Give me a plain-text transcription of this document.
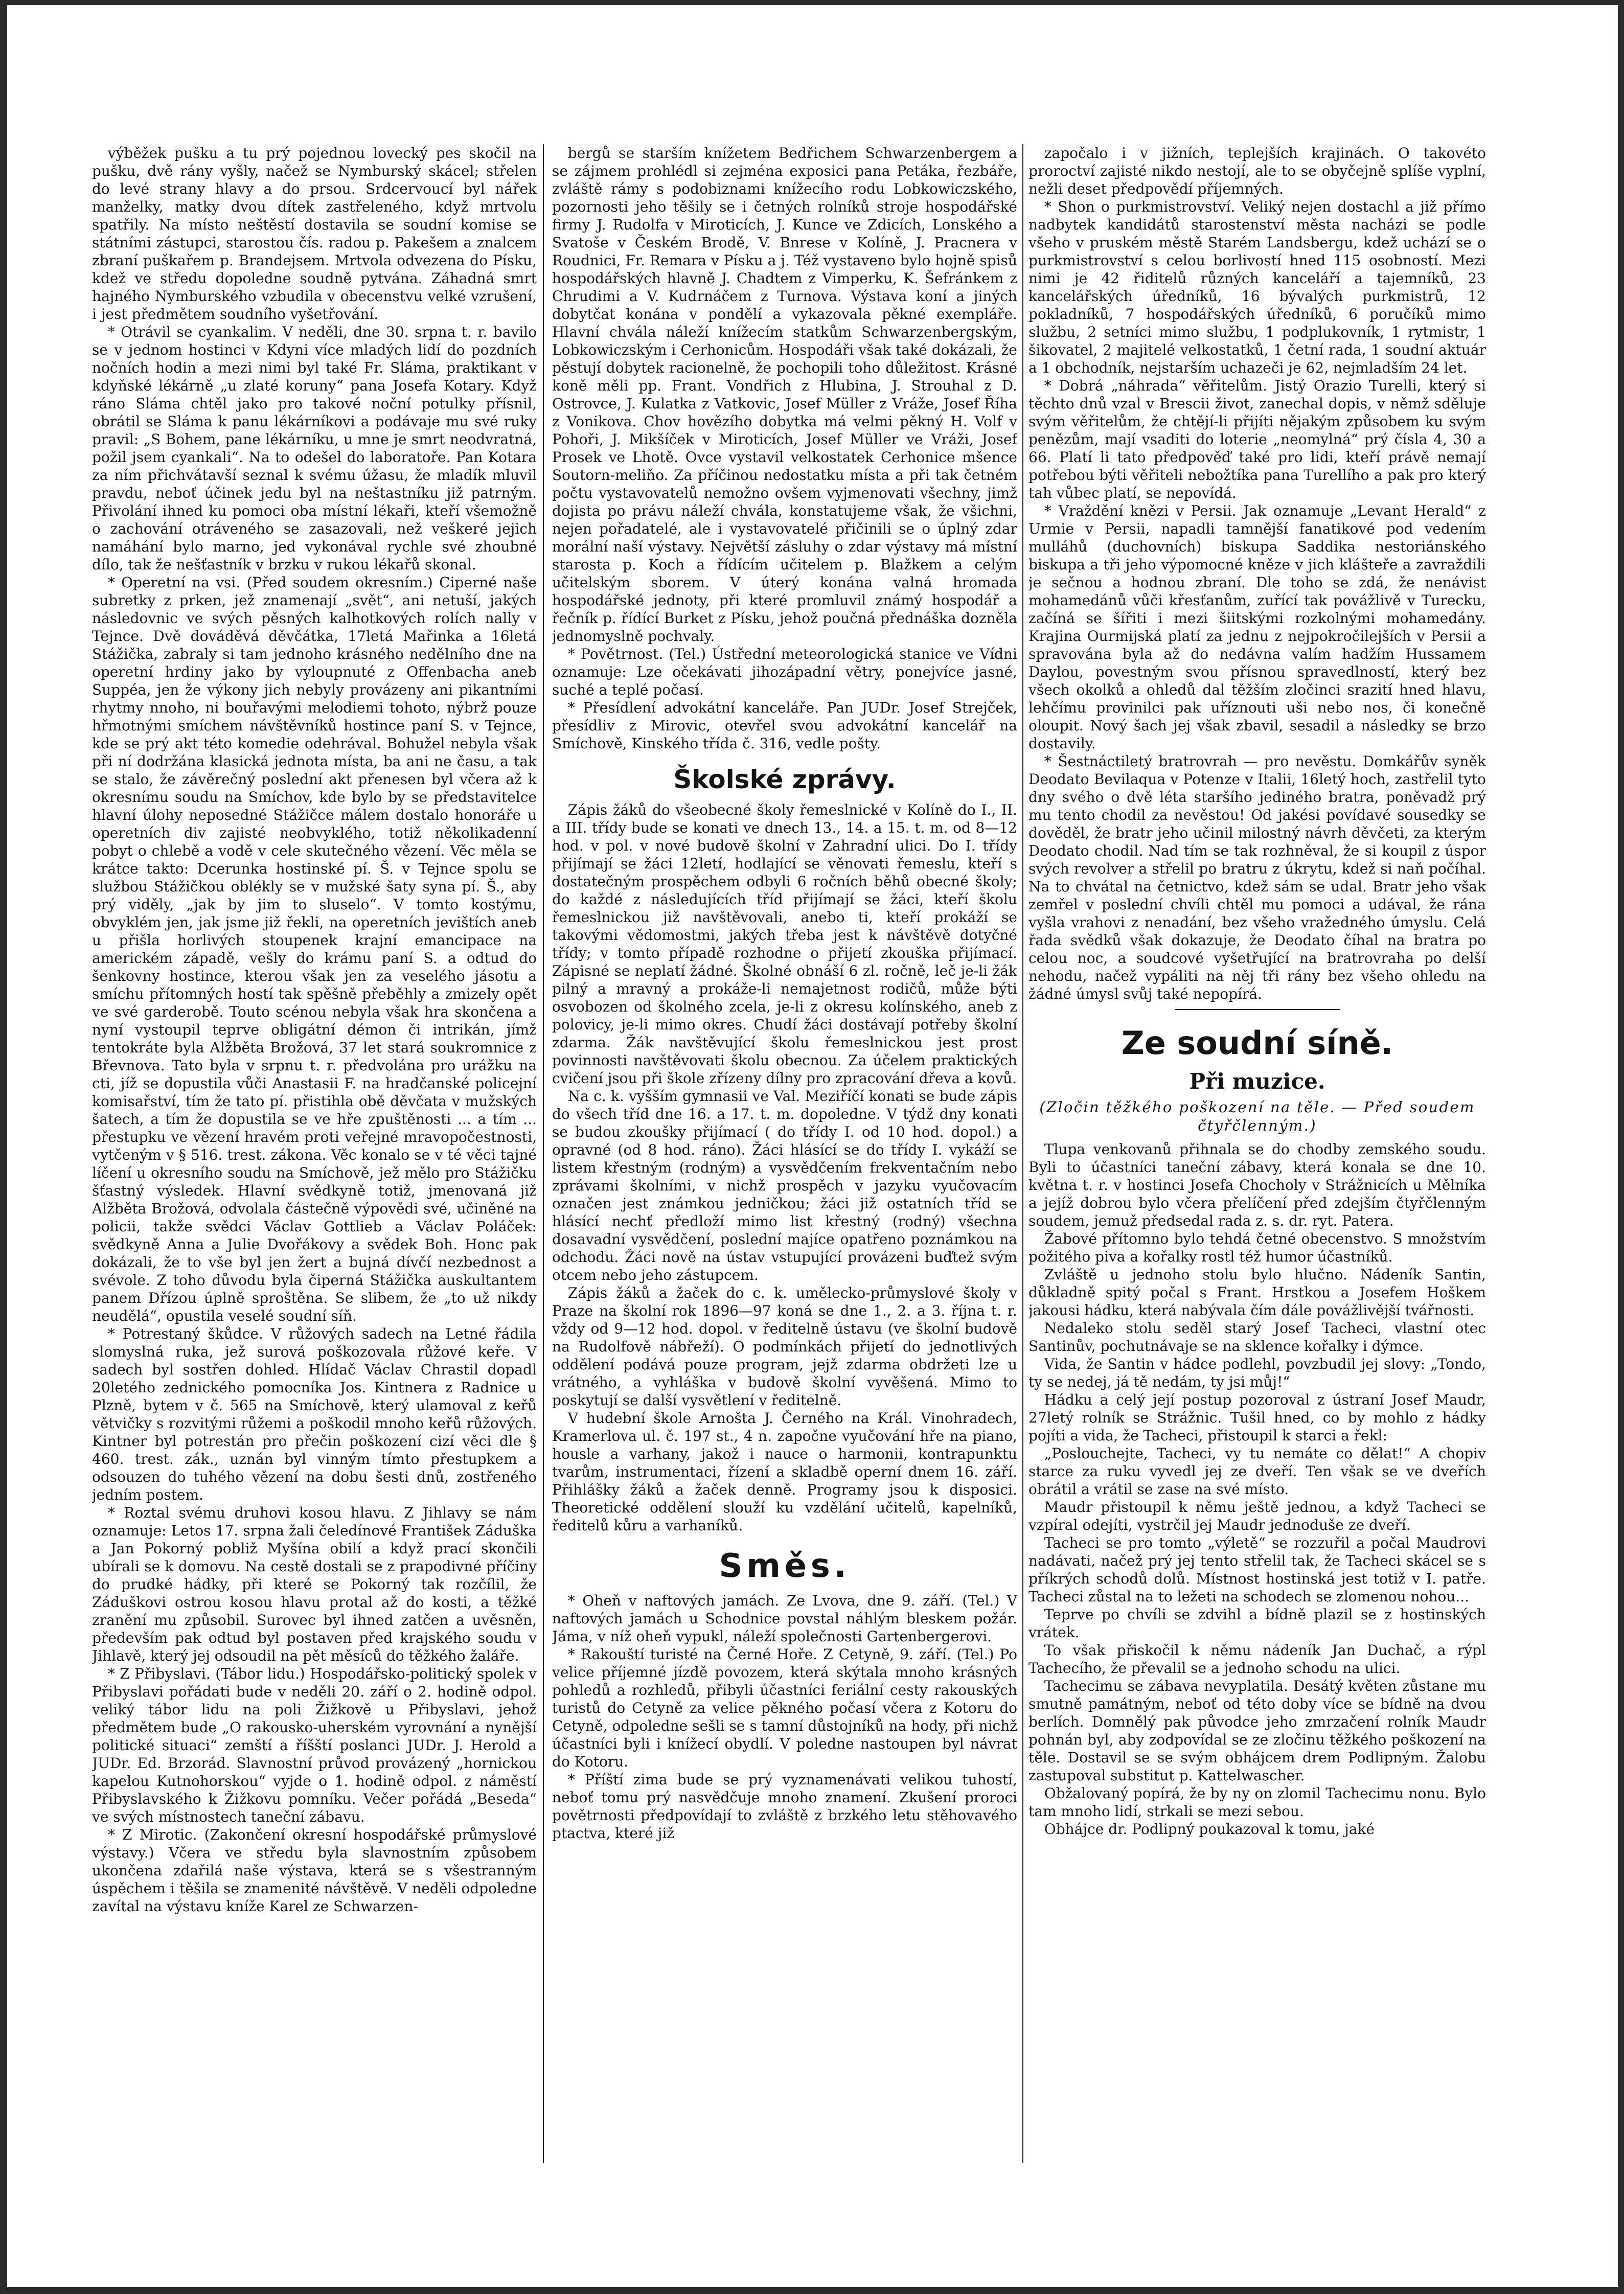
výběžek pušku a tu prý pojednou lovecký pes skočil na pušku, dvě rány vyšly, načež se Nymburský skácel; střelen do levé strany hlavy a do prsou. Srdcervoucí byl nářek manželky, matky dvou dítek zastřeleného, když mrtvolu spatřily. Na místo neštěstí dostavila se soudní komise se státními zástupci, starostou čís. radou p. Pakešem a znalcem zbraní puškařem p. Brandejsem. Mrtvola odvezena do Písku, kdež ve středu dopoledne soudně pytvána. Záhadná smrt hajného Nymburského vzbudila v obecenstvu velké vzrušení, i jest předmětem soudního vyšetřování.

* Otrávil se cyankalim. V neděli, dne 30. srpna t. r. bavilo se v jednom hostinci v Kdyni více mladých lidí do pozdních nočních hodin a mezi nimi byl také Fr. Sláma, praktikant v kdyňské lékárně „u zlaté koruny“ pana Josefa Kotary. Když ráno Sláma chtěl jako pro takové noční potulky přísnil, obrátil se Sláma k panu lékárníkovi a podávaje mu své ruky pravil: „S Bohem, pane lékárníku, u mne je smrt neodvratná, požil jsem cyankali“. Na to odešel do laboratoře. Pan Kotara za ním přichvátavší seznal k svému úžasu, že mladík mluvil pravdu, neboť účinek jedu byl na neštastníku již patrným. Přivolání ihned ku pomoci oba místní lékaři, kteří všemožně o zachování otráveného se zasazovali, než veškeré jejich namáhání bylo marno, jed vykonával rychle své zhoubné dílo, tak že nešťastník v brzku v rukou lékařů skonal.

* Operetní na vsi. (Před soudem okresním.) Ciperné naše subretky z prken, jež znamenají „svět“, ani netuší, jakých následovnic ve svých pěsných kalhotkových rolích nally v Tejnce. Dvě dováděvá děvčátka, 17letá Mařinka a 16letá Stážička, zabraly si tam jednoho krásného nedělního dne na operetní hrdiny jako by vyloupnuté z Offenbacha aneb Suppéa, jen že výkony jich nebyly provázeny ani pikantními rhytmy nnoho, ni bouřavými melodiemi tohoto, nýbrž pouze hřmotnými smíchem návštěvníků hostince paní S. v Tejnce, kde se prý akt této komedie odehrával. Bohužel nebyla však při ní dodržána klasická jednota místa, ba ani ne času, a tak se stalo, že závěrečný poslední akt přenesen byl včera až k okresnímu soudu na Smíchov, kde bylo by se představitelce hlavní úlohy neposedné Stážičce málem dostalo honoráře u operetních div zajisté neobvyklého, totiž několikadenní pobyt o chlebě a vodě v cele skutečného vězení. Věc měla se krátce takto: Dcerunka hostinské pí. Š. v Tejnce spolu se službou Stážičkou oblékly se v mužské šaty syna pí. Š., aby prý viděly, „jak by jim to sluselo“. V tomto kostýmu, obvyklém jen, jak jsme již řekli, na operetních jevištích aneb u přišla horlivých stoupenek krajní emancipace na americkém západě, vešly do krámu paní S. a odtud do šenkovny hostince, kterou však jen za veselého jásotu a smíchu přítomných hostí tak spěšně přeběhly a zmizely opět ve své garderobě. Touto scénou nebyla však hra skončena a nyní vystoupil teprve obligátní démon či intrikán, jímž tentokráte byla Alžběta Brožová, 37 let stará soukromnice z Břevnova. Tato byla v srpnu t. r. předvolána pro urážku na cti, jíž se dopustila vůči Anastasii F. na hradčanské policejní komisařství, tím že tato pí. přistihla obě děvčata v mužských šatech, a tím že dopustila se ve hře zpuštěnosti ... a tím ... přestupku ve vězení hravém proti veřejné mravopočestnosti, vytčeným v § 516. trest. zákona. Věc konalo se v té věci tajné líčení u okresního soudu na Smíchově, jež mělo pro Stážičku šťastný výsledek. Hlavní svědkyně totiž, jmenovaná již Alžběta Brožová, odvolala částečně výpovědi své, učiněné na policii, takže svědci Václav Gottlieb a Václav Poláček: svědkyně Anna a Julie Dvořákovy a svědek Boh. Honc pak dokázali, že to vše byl jen žert a bujná dívčí nezbednost a svévole. Z toho důvodu byla čiperná Stážička auskultantem panem Dřízou úplně sproštěna. Se slibem, že „to už nikdy neudělá“, opustila veselé soudní síň.

* Potrestaný škůdce. V růžových sadech na Letné řádila slomyslná ruka, jež surová poškozovala růžové keře. V sadech byl sostřen dohled. Hlídač Václav Chrastil dopadl 20letého zednického pomocníka Jos. Kintnera z Radnice u Plzně, bytem v č. 565 na Smíchově, který ulamoval z keřů větvičky s rozvitými růžemi a poškodil mnoho keřů růžových. Kintner byl potrestán pro přečin poškození cizí věci dle § 460. trest. zák., uznán byl vinným tímto přestupkem a odsouzen do tuhého vězení na dobu šesti dnů, zostřeného jedním postem.

* Roztal svému druhovi kosou hlavu. Z Jihlavy se nám oznamuje: Letos 17. srpna žali čeledínové František Záduška a Jan Pokorný pobliž Myšína obilí a když prací skončili ubírali se k domovu. Na cestě dostali se z prapodivné příčiny do prudké hádky, při které se Pokorný tak rozčílil, že Záduškovi ostrou kosou hlavu protal až do kosti, a těžké zranění mu způsobil. Surovec byl ihned zatčen a uvěsněn, především pak odtud byl postaven před krajského soudu v Jihlavě, který jej odsoudil na pět měsíců do těžkého žaláře.

* Z Přibyslavi. (Tábor lidu.) Hospodářsko-politický spolek v Přibyslavi pořádati bude v neděli 20. září o 2. hodině odpol. veliký tábor lidu na poli Žižkově u Přibyslavi, jehož předmětem bude „O rakousko-uherském vyrovnání a nynější politické situaci“ zemští a říšští poslanci JUDr. J. Herold a JUDr. Ed. Brzorád. Slavnostní průvod provázený „hornickou kapelou Kutnohorskou“ vyjde o 1. hodině odpol. z náměstí Přibyslavského k Žižkovu pomníku. Večer pořádá „Beseda“ ve svých místnostech taneční zábavu.

* Z Mirotic. (Zakončení okresní hospodářské průmyslové výstavy.) Včera ve středu byla slavnostním způsobem ukončena zdařilá naše výstava, která se s všestranným úspěchem i těšila se znamenité návštěvě. V neděli odpoledne zavítal na výstavu kníže Karel ze Schwarzen-

bergů se starším knížetem Bedřichem Schwarzenbergem a se zájmem prohlédl si zejména exposici pana Petáka, řezbáře, zvláště rámy s podobiznami knížecího rodu Lobkowiczského, pozornosti jeho těšily se i četných rolníků stroje hospodářské firmy J. Rudolfa v Miroticích, J. Kunce ve Zdicích, Lonského a Svatoše v Českém Brodě, V. Bnrese v Kolíně, J. Pracnera v Roudnici, Fr. Remara v Písku a j. Též vystaveno bylo hojně spisů hospodářských hlavně J. Chadtem z Vimperku, K. Šefránkem z Chrudimi a V. Kudrnáčem z Turnova. Výstava koní a jiných dobytčat konána v pondělí a vykazovala pěkné exempláře. Hlavní chvála náleží knížecím statkům Schwarzenbergským, Lobkowiczským i Cerhonicům. Hospodáři však také dokázali, že pěstují dobytek racionelně, že pochopili toho důležitost. Krásné koně měli pp. Frant. Vondřich z Hlubina, J. Strouhal z D. Ostrovce, J. Kulatka z Vatkovic, Josef Müller z Vráže, Josef Říha z Vonikova. Chov hovězího dobytka má velmi pěkný H. Volf v Pohoři, J. Mikšíček v Miroticích, Josef Müller ve Vráži, Josef Prosek ve Lhotě. Ovce vystavil velkostatek Cerhonice mšence Soutorn-meliňo. Za příčinou nedostatku místa a při tak četném počtu vystavovatelů nemožno ovšem vyjmenovati všechny, jimž dojista po právu náleží chvála, konstatujeme však, že všichni, nejen pořadatelé, ale i vystavovatelé přičinili se o úplný zdar morální naší výstavy. Největší zásluhy o zdar výstavy má místní starosta p. Koch a řídícím učitelem p. Blažkem a celým učitelským sborem. V úterý konána valná hromada hospodářské jednoty, při které promluvil známý hospodář a řečník p. řídící Burket z Písku, jehož poučná přednáška dozněla jednomyslně pochvaly.

* Povětrnost. (Tel.) Ústřední meteorologická stanice ve Vídni oznamuje: Lze očekávati jihozápadní větry, ponejvíce jasné, suché a teplé počasí.

* Přesídlení advokátní kanceláře. Pan JUDr. Josef Strejček, přesídliv z Mirovic, otevřel svou advokátní kancelář na Smíchově, Kinského třída č. 316, vedle pošty.

Školské zprávy.

Zápis žáků do všeobecné školy řemeslnické v Kolíně do I., II. a III. třídy bude se konati ve dnech 13., 14. a 15. t. m. od 8—12 hod. v pol. v nové budově školní v Zahradní ulici. Do I. třídy přijímají se žáci 12letí, hodlající se věnovati řemeslu, kteří s dostatečným prospěchem odbyli 6 ročních běhů obecné školy; do každé z následujících tříd přijímají se žáci, kteří školu řemeslnickou již navštěvovali, anebo ti, kteří prokáží se takovými vědomostmi, jakých třeba jest k návštěvě dotyčné třídy; v tomto případě rozhodne o přijetí zkouška přijímací. Zápisné se neplatí žádné. Školné obnáší 6 zl. ročně, leč je-li žák pilný a mravný a prokáže-li nemajetnost rodičů, může býti osvobozen od školného zcela, je-li z okresu kolínského, aneb z polovicy, je-li mimo okres. Chudí žáci dostávají potřeby školní zdarma. Žák navštěvující školu řemeslnickou jest prost povinnosti navštěvovati školu obecnou. Za účelem praktických cvičení jsou při škole zřízeny dílny pro zpracování dřeva a kovů.

Na c. k. vyšším gymnasii ve Val. Meziříčí konati se bude zápis do všech tříd dne 16. a 17. t. m. dopoledne. V týdž dny konati se budou zkoušky přijímací ( do třídy I. od 10 hod. dopol.) a opravné (od 8 hod. ráno). Žáci hlásící se do třídy I. vykáží se listem křestným (rodným) a vysvědčením frekventačním nebo zprávami školními, v nichž prospěch v jazyku vyučovacím označen jest známkou jedničkou; žáci již ostatních tříd se hlásící nechť předloží mimo list křestný (rodný) všechna dosavadní vysvědčení, poslední majíce opatřeno poznámkou na odchodu. Žáci nově na ústav vstupující provázeni buďtež svým otcem nebo jeho zástupcem.

Zápis žáků a žaček do c. k. umělecko-průmyslové školy v Praze na školní rok 1896—97 koná se dne 1., 2. a 3. října t. r. vždy od 9—12 hod. dopol. v ředitelně ústavu (ve školní budově na Rudolfově nábřeží). O podmínkách přijetí do jednotlivých oddělení podává pouze program, jejž zdarma obdržeti lze u vrátného, a vyhláška v budově školní vyvěšená. Mimo to poskytují se další vysvětlení v ředitelně.

V hudební škole Arnošta J. Černého na Král. Vinohradech, Kramerlova ul. č. 197 st., 4 n. započne vyučování hře na piano, housle a varhany, jakož i nauce o harmonii, kontrapunktu tvarům, instrumentaci, řízení a skladbě operní dnem 16. září. Přihlášky žáků a žaček denně. Programy jsou k disposici. Theoretické oddělení slouží ku vzdělání učitelů, kapelníků, ředitelů kůru a varhaníků.

Směs.

* Oheň v naftových jamách. Ze Lvova, dne 9. září. (Tel.) V naftových jamách u Schodnice povstal náhlým bleskem požár. Jáma, v níž oheň vypukl, náleží společnosti Gartenbergerovi.

* Rakouští turisté na Černé Hoře. Z Cetyně, 9. září. (Tel.) Po velice příjemné jízdě povozem, která skýtala mnoho krásných pohledů a rozhledů, přibyli účastníci feriální cesty rakouských turistů do Cetyně za velice pěkného počasí včera z Kotoru do Cetyně, odpoledne sešli se s tamní důstojníků na hody, při nichž účastníci byli i knížecí obydlí. V poledne nastoupen byl návrat do Kotoru.

* Příští zima bude se prý vyznamenávati velikou tuhostí, neboť tomu prý nasvědčuje mnoho znamení. Zkušení proroci povětrnosti předpovídají to zvláště z brzkého letu stěhovavého ptactva, které již

započalo i v jižních, teplejších krajinách. O takovéto proroctví zajisté nikdo nestojí, ale to se obyčejně splíše vyplní, nežli deset předpovědí příjemných.

* Shon o purkmistrovství. Veliký nejen dostachl a již přímo nadbytek kandidátů starostenství města nacházi se podle všeho v pruském městě Starém Landsbergu, kdež uchází se o purkmistrovství s celou borlivostí hned 115 osobností. Mezi nimi je 42 řiditelů různých kanceláří a tajemníků, 23 kancelářských úředníků, 16 bývalých purkmistrů, 12 pokladníků, 7 hospodářských úředníků, 6 poručíků mimo službu, 2 setníci mimo službu, 1 podplukovník, 1 rytmistr, 1 šikovatel, 2 majitelé velkostatků, 1 četní rada, 1 soudní aktuár a 1 obchodník, nejstarším uchazeči je 62, nejmladším 24 let.

* Dobrá „náhrada“ věřitelům. Jistý Orazio Turelli, který si těchto dnů vzal v Brescii život, zanechal dopis, v němž sděluje svým věřitelům, že chtějí-li přijíti nějakým způsobem ku svým penězům, mají vsaditi do loterie „neomylná“ prý čísla 4, 30 a 66. Platí li tato předpověď také pro lidi, kteří právě nemají potřebou býti věřiteli nebožtíka pana Turellího a pak pro který tah vůbec platí, se nepovídá.

* Vraždění knězi v Persii. Jak oznamuje „Levant Herald“ z Urmie v Persii, napadli tamnější fanatikové pod vedením mulláhů (duchovních) biskupa Saddika nestoriánského biskupa a tři jeho výpomocné kněze v jich klášteře a zavraždili je sečnou a hodnou zbraní. Dle toho se zdá, že nenávist mohamedánů vůči křesťanům, zuřící tak povážlivě v Turecku, začíná se šířiti i mezi šiitskými rozkolnými mohamedány. Krajina Ourmijská platí za jednu z nejpokročilejších v Persii a spravována byla až do nedávna valím hadžím Hussamem Daylou, povestným svou přísnou spravedlností, který bez všech okolků a ohledů dal těžším zločinci srazití hned hlavu, lehčímu provinilci pak uříznouti uši nebo nos, či konečně oloupit. Nový šach jej však zbavil, sesadil a následky se brzo dostavily.

* Šestnáctiletý bratrovrah — pro nevěstu. Domkářův syněk Deodato Bevilaqua v Potenze v Italii, 16letý hoch, zastřelil tyto dny svého o dvě léta staršího jediného bratra, poněvadž prý mu tento chodil za nevěstou! Od jakési povídavé sousedky se dověděl, že bratr jeho učinil milostný návrh děvčeti, za kterým Deodato chodil. Nad tím se tak rozhněval, že si koupil z úspor svých revolver a střelil po bratru z úkrytu, kdež si naň počíhal. Na to chvátal na četnictvo, kdež sám se udal. Bratr jeho však zemřel v poslední chvíli chtěl mu pomoci a udával, že rána vyšla vrahovi z nenadání, bez všeho vražedného úmyslu. Celá řada svědků však dokazuje, že Deodato číhal na bratra po celou noc, a soudcové vyšetřující na bratrovraha po delší nehodu, načež vypáliti na něj tři rány bez všeho ohledu na žádné úmysl svůj také nepopírá.

Ze soudní síně.
Při muzice.
(Zločin těžkého poškození na těle. — Před soudem čtyřčlenným.)

Tlupa venkovanů přihnala se do chodby zemského soudu. Byli to účastníci taneční zábavy, která konala se dne 10. května t. r. v hostinci Josefa Chocholy v Strážnicích u Mělníka a jejíž dobrou bylo včera přelíčení před zdejším čtyřčlenným soudem, jemuž předsedal rada z. s. dr. ryt. Patera.

Žabové přítomno bylo tehdá četné obecenstvo. S množstvím požitého piva a kořalky rostl též humor účastníků.

Zvláště u jednoho stolu bylo hlučno. Nádeník Santin, důkladně spitý počal s Frant. Hrstkou a Josefem Hoškem jakousi hádku, která nabývala čím dále povážlivější tvářnosti.

Nedaleko stolu seděl starý Josef Tacheci, vlastní otec Santinův, pochutnávaje se na sklence kořalky i dýmce.

Vida, že Santin v hádce podlehl, povzbudil jej slovy: „Tondo, ty se nedej, já tě nedám, ty jsi můj!“

Hádku a celý její postup pozoroval z ústraní Josef Maudr, 27letý rolník se Strážnic. Tušil hned, co by mohlo z hádky pojíti a vida, že Tacheci, přistoupil k starci a řekl:

„Poslouchejte, Tacheci, vy tu nemáte co dělat!“ A chopiv starce za ruku vyvedl jej ze dveří. Ten však se ve dveřích obrátil a vrátil se zase na své místo.

Maudr přistoupil k němu ještě jednou, a když Tacheci se vzpíral odejíti, vystrčil jej Maudr jednoduše ze dveří.

Tacheci se pro tomto „výletě“ se rozzuřil a počal Maudrovi nadávati, načež prý jej tento střelil tak, že Tacheci skácel se s příkrých schodů dolů. Místnost hostinská jest totiž v I. patře. Tacheci zůstal na to ležeti na schodech se zlomenou nohou...

Teprve po chvíli se zdvihl a bídně plazil se z hostinských vrátek.

To však přiskočil k němu nádeník Jan Duchač, a rýpl Tachecího, že převalil se a jednoho schodu na ulici.

Tachecimu se zábava nevyplatila. Desátý květen zůstane mu smutně památným, neboť od této doby více se bídně na dvou berlích. Domnělý pak původce jeho zmrzačení rolník Maudr pohnán byl, aby zodpovídal se ze zločinu těžkého poškození na těle. Dostavil se se svým obhájcem drem Podlipným. Žalobu zastupoval substitut p. Kattelwascher.

Obžalovaný popírá, že by ny on zlomil Tachecimu nonu. Bylo tam mnoho lidí, strkali se mezi sebou.

Obhájce dr. Podlipný poukazoval k tomu, jaké
